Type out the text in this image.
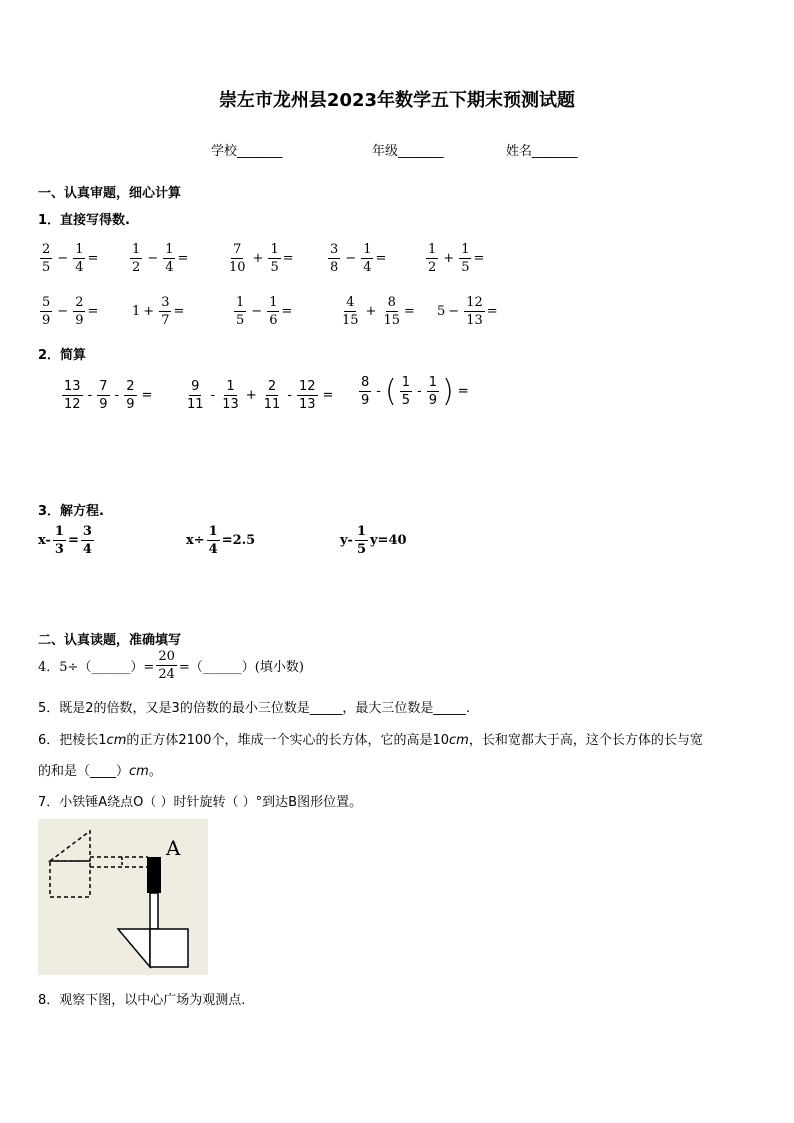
崇左市龙州县2023年数学五下期末预测试题
学校_______	年级_______	姓名_______
一、认真审题，细心计算
1．直接写得数.
$\frac{2}{5} - \frac{1}{4} = \frac{1}{2} - \frac{1}{4}$ =	$\frac{7}{10} + \frac{1}{5}$ =	$\frac{3}{8} - \frac{1}{4}$ =	$\frac{1}{2} + \frac{1}{5}$ =
$\frac{5}{9} - \frac{2}{9}$ =	$1 + \frac{3}{7}$ =	$\frac{1}{5} - \frac{1}{6}$ =	$\frac{4}{15} + \frac{8}{15} = 5 - \frac{12}{13}$ =
2．简算
$\frac{13}{12} - \frac{7}{9} - \frac{2}{9}$ =	$\frac{9}{11} - \frac{1}{13} + \frac{2}{11} - \frac{12}{13} = \frac{8}{9}$ - ( $\frac{1}{5} - \frac{1}{9}$ ) =
3．解方程.
$x- \frac{1}{3} = \frac{3}{4}$	$x\div \frac{1}{4} =2.5$	$y- \frac{1}{5} y=40$
二、认真读题，准确填写
4．5÷（______）= $\frac{20}{24}$ =（______）(填小数)
5．既是2的倍数，又是3的倍数的最小三位数是_____，最大三位数是_____.
6．把棱长1cm的正方体2100个，堆成一个实心的长方体，它的高是10cm，长和宽都大于高，这个长方体的长与宽
的和是（____）cm。
7．小铁锤A绕点O（ ）时针旋转（ ）°到达B图形位置。
A
8．观察下图，以中心广场为观测点.
